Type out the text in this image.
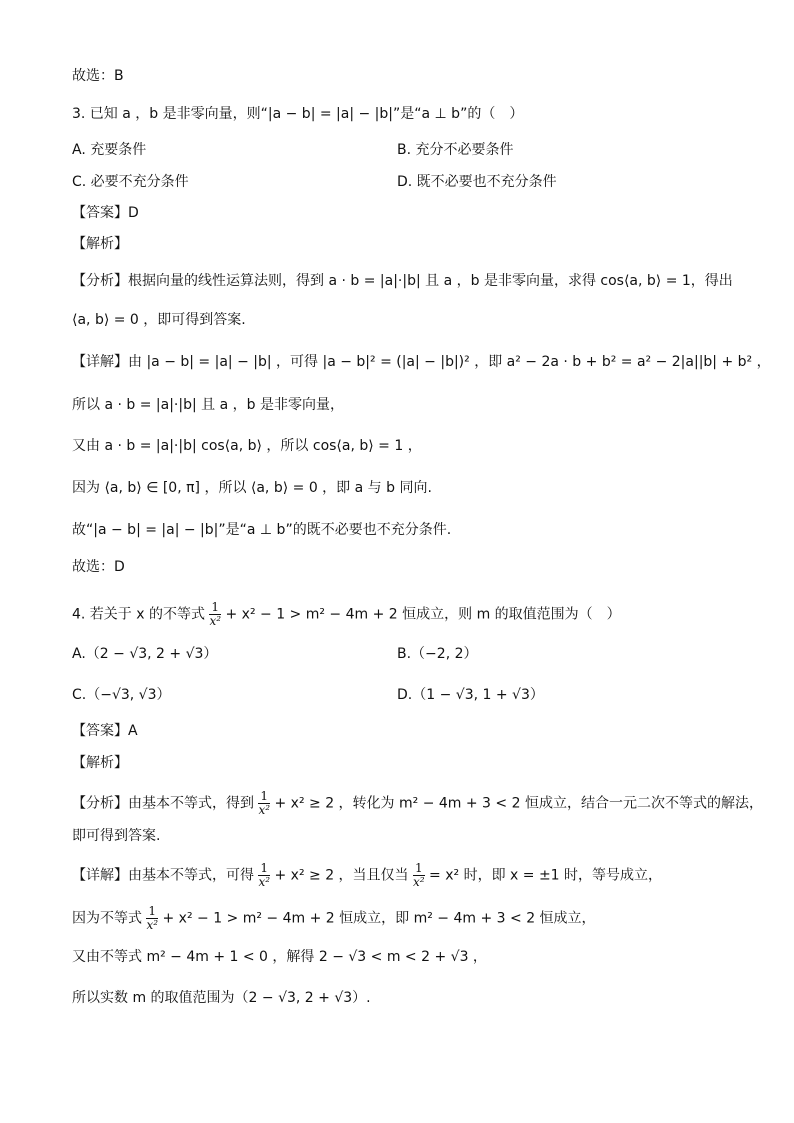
故选：B
3. 已知 a ，b 是非零向量，则“|a − b| = |a| − |b|”是“a ⊥ b”的（　）
A. 充要条件	B. 充分不必要条件
C. 必要不充分条件	D. 既不必要也不充分条件
【答案】D
【解析】
【分析】根据向量的线性运算法则，得到 a · b = |a|·|b| 且 a ，b 是非零向量，求得 cos⟨a, b⟩ = 1，得出
⟨a, b⟩ = 0 ，即可得到答案.
【详解】由 |a − b| = |a| − |b| ，可得 |a − b|² = (|a| − |b|)² ，即 a² − 2a · b + b² = a² − 2|a||b| + b² ，
所以 a · b = |a|·|b| 且 a ，b 是非零向量，
又由 a · b = |a|·|b| cos⟨a, b⟩ ，所以 cos⟨a, b⟩ = 1 ，
因为 ⟨a, b⟩ ∈ [0, π] ，所以 ⟨a, b⟩ = 0 ，即 a 与 b 同向.
故“|a − b| = |a| − |b|”是“a ⊥ b”的既不必要也不充分条件.
故选：D
4. 若关于 x 的不等式 $\frac{1}{\text{x²}} + x^2 - 1 > m^2 - 4m + 2$ 恒成立，则 m 的取值范围为（　）
A.（2 − √3, 2 + √3）	B.（−2, 2）
C.（−√3, √3）	D.（1 − √3, 1 + √3）
【答案】A
【解析】
【分析】由基本不等式，得到 $\frac{1}{\text{x²}} + x^2 \ge 2$ ，转化为 m² − 4m + 3 < 2 恒成立，结合一元二次不等式的解法，
即可得到答案.
【详解】由基本不等式，可得 $\frac{1}{\text{x²}} + x^2 \ge 2$ ，当且仅当 $\frac{1}{\text{x²}} = x^2$ 时，即 x = ±1 时，等号成立，
因为不等式 $\frac{1}{\text{x²}} + x^2 - 1 > m^2 - 4m + 2$ 恒成立，即 m² − 4m + 3 < 2 恒成立，
又由不等式 m² − 4m + 1 < 0 ，解得 2 − √3 < m < 2 + √3 ，
所以实数 m 的取值范围为（2 − √3, 2 + √3）.
